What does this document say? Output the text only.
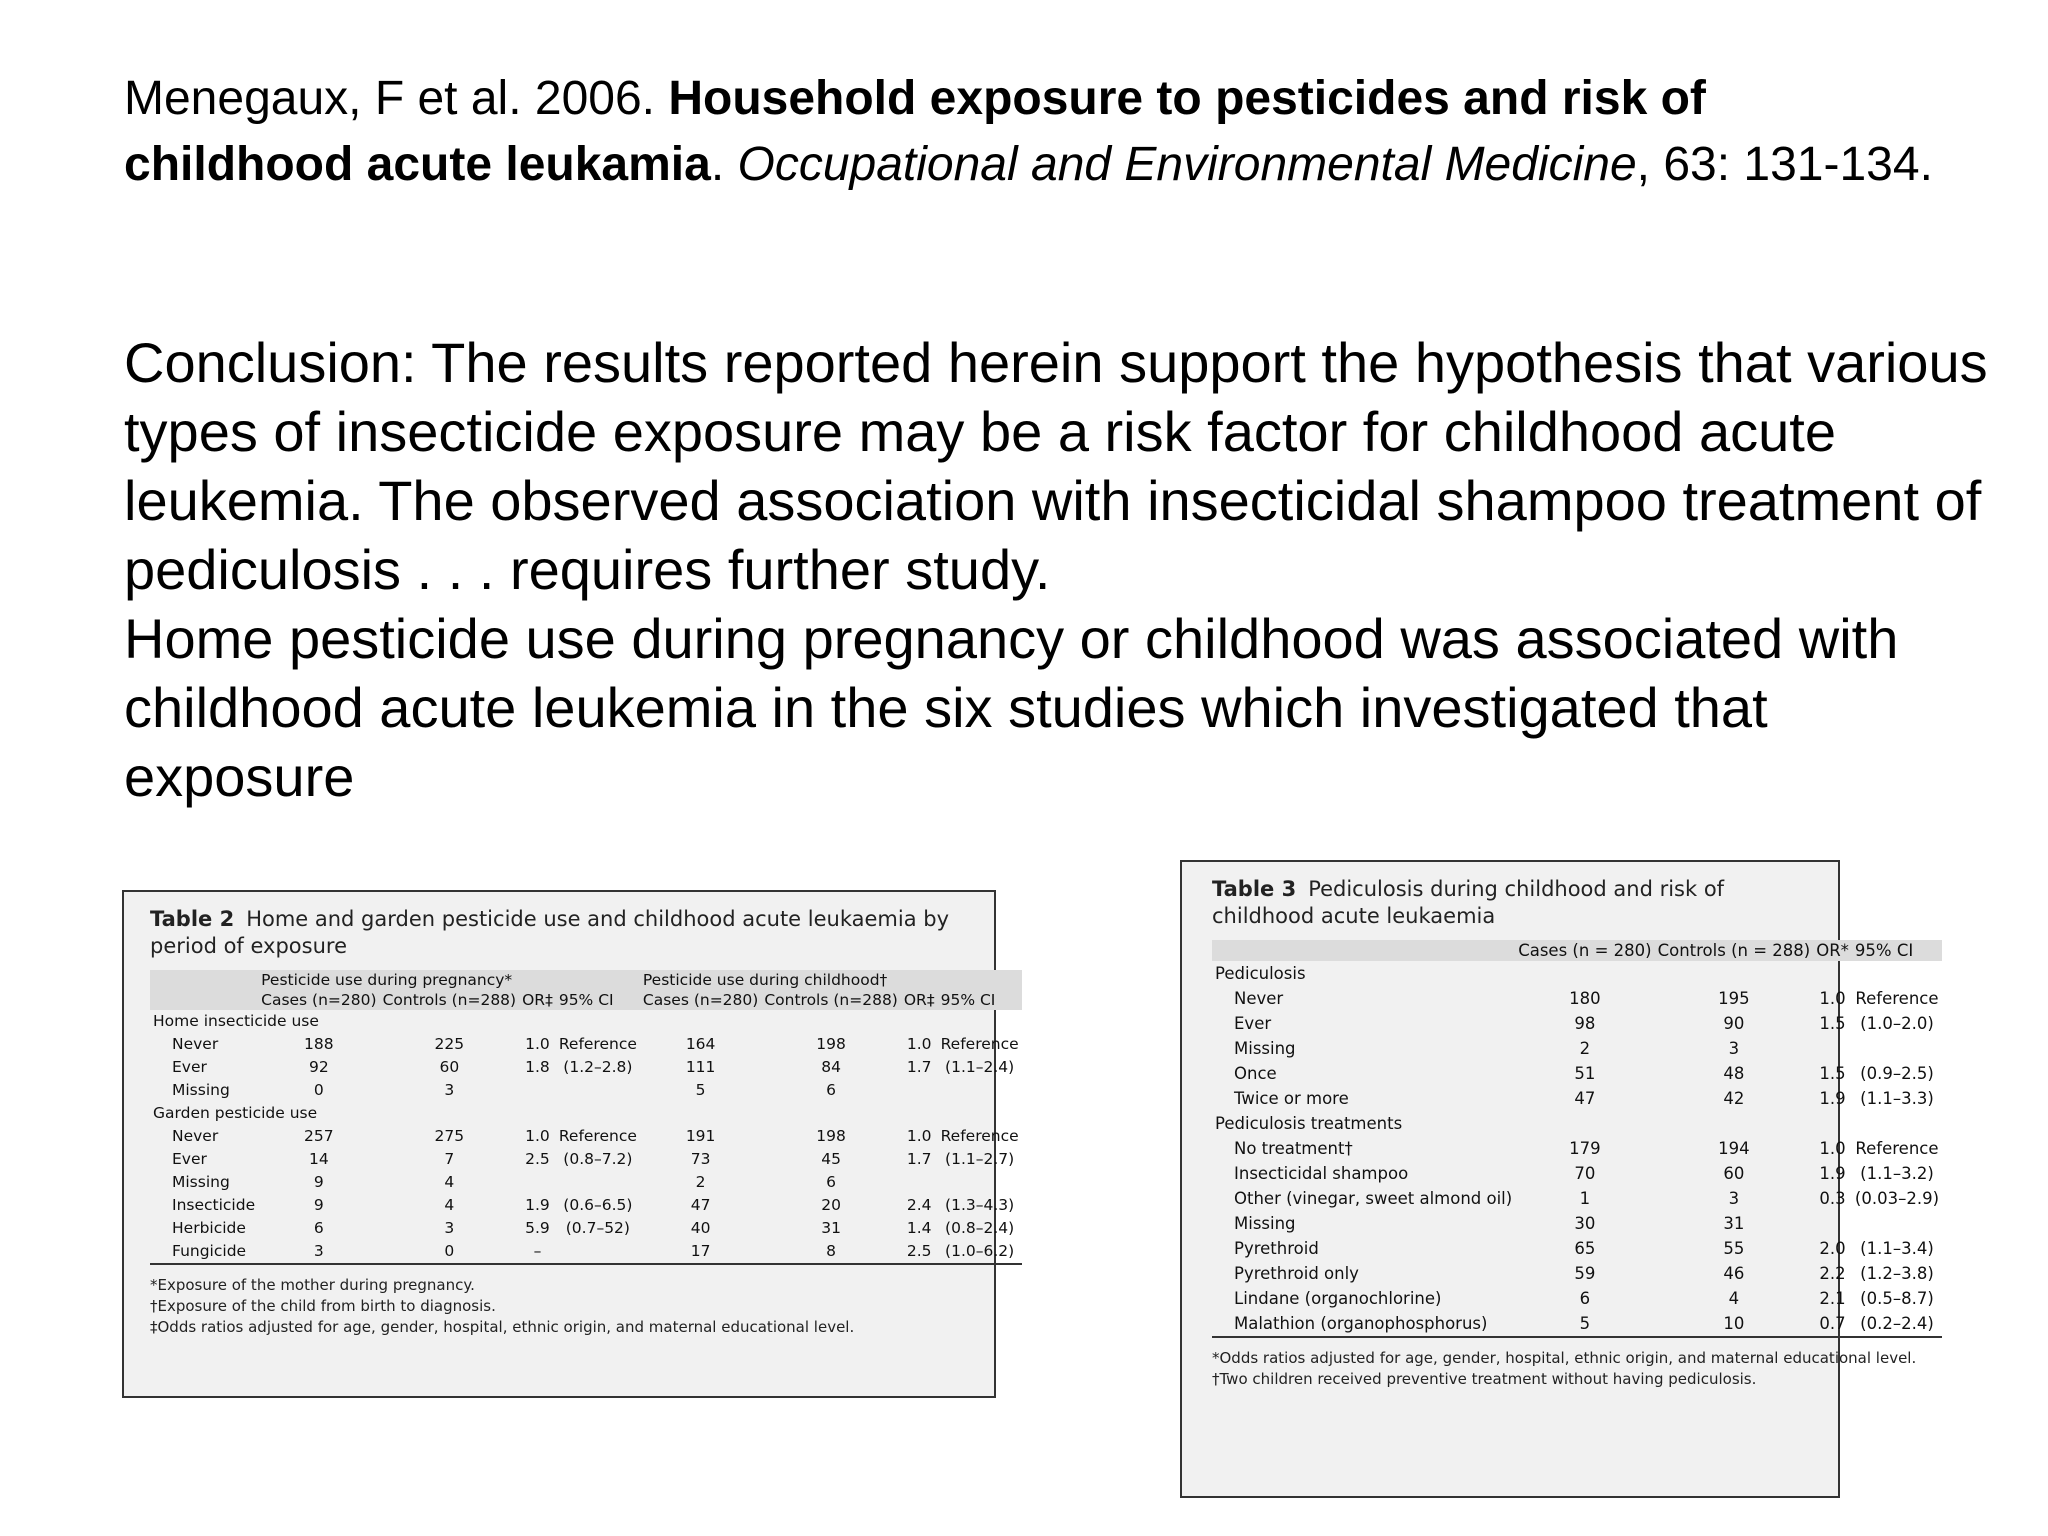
Menegaux, F et al. 2006. Household exposure to pesticides and risk of childhood acute leukamia. Occupational and Environmental Medicine, 63: 131-134.

Conclusion: The results reported herein support the hypothesis that various types of insecticide exposure may be a risk factor for childhood acute leukemia. The observed association with insecticidal shampoo treatment of pediculosis . . . requires further study.

Home pesticide use during pregnancy or childhood was associated with childhood acute leukemia in the six studies which investigated that exposure

Table 2 Home and garden pesticide use and childhood acute leukaemia by period of exposure
	Pesticide use during pregnancy*				Pesticide use during childhood†			
	Cases (n=280)	Controls (n=288)	OR‡	95% CI	Cases (n=280)	Controls (n=288)	OR‡	95% CI
Home insecticide use								
Never	188	225	1.0	Reference	164	198	1.0	Reference
Ever	92	60	1.8	(1.2–2.8)	111	84	1.7	(1.1–2.4)
Missing	0	3			5	6		
Garden pesticide use								
Never	257	275	1.0	Reference	191	198	1.0	Reference
Ever	14	7	2.5	(0.8–7.2)	73	45	1.7	(1.1–2.7)
Missing	9	4			2	6		
Insecticide	9	4	1.9	(0.6–6.5)	47	20	2.4	(1.3–4.3)
Herbicide	6	3	5.9	(0.7–52)	40	31	1.4	(0.8–2.4)
Fungicide	3	0	–		17	8	2.5	(1.0–6.2)

*Exposure of the mother during pregnancy.
†Exposure of the child from birth to diagnosis.
‡Odds ratios adjusted for age, gender, hospital, ethnic origin, and maternal educational level.
Table 3 Pediculosis during childhood and risk of childhood acute leukaemia
	Cases (n = 280)	Controls (n = 288)	OR*	95% CI
Pediculosis				
Never	180	195	1.0	Reference
Ever	98	90	1.5	(1.0–2.0)
Missing	2	3		
Once	51	48	1.5	(0.9–2.5)
Twice or more	47	42	1.9	(1.1–3.3)
Pediculosis treatments				
No treatment†	179	194	1.0	Reference
Insecticidal shampoo	70	60	1.9	(1.1–3.2)
Other (vinegar, sweet almond oil)	1	3	0.3	(0.03–2.9)
Missing	30	31		
Pyrethroid	65	55	2.0	(1.1–3.4)
Pyrethroid only	59	46	2.2	(1.2–3.8)
Lindane (organochlorine)	6	4	2.1	(0.5–8.7)
Malathion (organophosphorus)	5	10	0.7	(0.2–2.4)

*Odds ratios adjusted for age, gender, hospital, ethnic origin, and maternal educational level.
†Two children received preventive treatment without having pediculosis.
